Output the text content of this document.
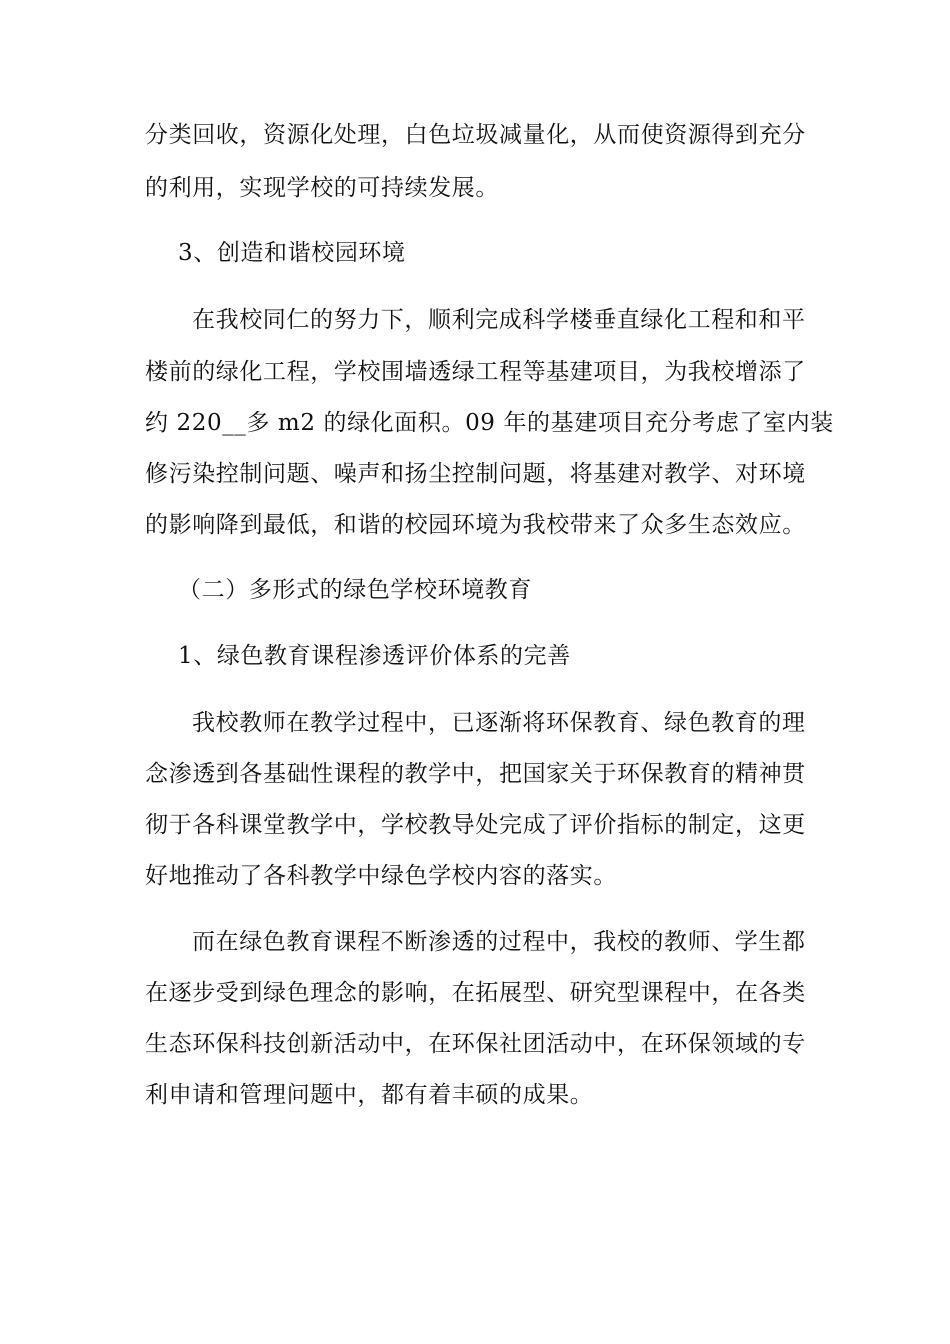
分类回收，资源化处理，白色垃圾减量化，从而使资源得到充分
的利用，实现学校的可持续发展。
3、创造和谐校园环境
在我校同仁的努力下，顺利完成科学楼垂直绿化工程和和平
楼前的绿化工程，学校围墙透绿工程等基建项目，为我校增添了
约 220__多 m2 的绿化面积。09 年的基建项目充分考虑了室内装
修污染控制问题、噪声和扬尘控制问题，将基建对教学、对环境
的影响降到最低，和谐的校园环境为我校带来了众多生态效应。
（二）多形式的绿色学校环境教育
1、绿色教育课程渗透评价体系的完善
我校教师在教学过程中，已逐渐将环保教育、绿色教育的理
念渗透到各基础性课程的教学中，把国家关于环保教育的精神贯
彻于各科课堂教学中，学校教导处完成了评价指标的制定，这更
好地推动了各科教学中绿色学校内容的落实。
而在绿色教育课程不断渗透的过程中，我校的教师、学生都
在逐步受到绿色理念的影响，在拓展型、研究型课程中，在各类
生态环保科技创新活动中，在环保社团活动中，在环保领域的专
利申请和管理问题中，都有着丰硕的成果。
